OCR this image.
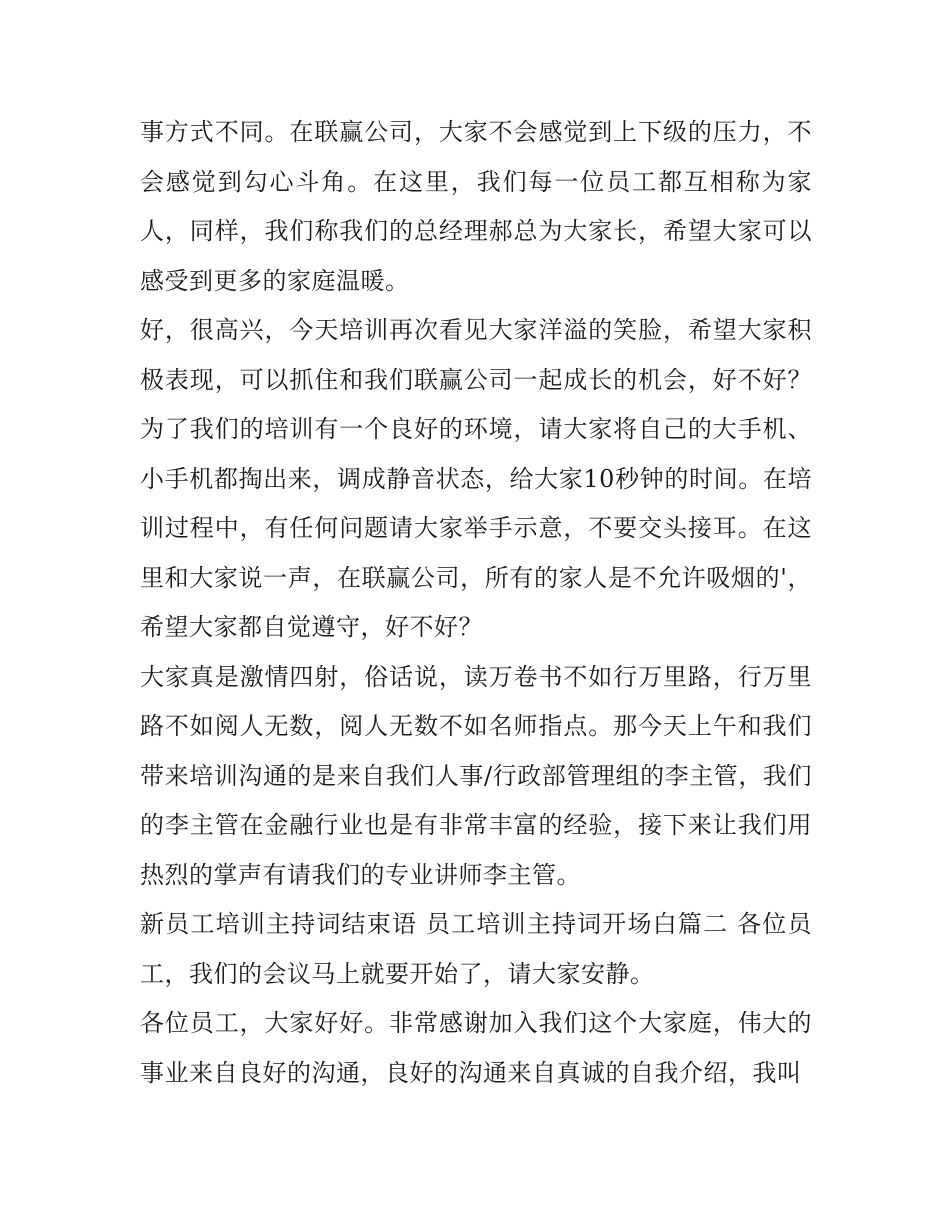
事方式不同。在联赢公司，大家不会感觉到上下级的压力，不会感觉到勾心斗角。在这里，我们每一位员工都互相称为家人，同样，我们称我们的总经理郝总为大家长，希望大家可以感受到更多的家庭温暖。

好，很高兴，今天培训再次看见大家洋溢的笑脸，希望大家积极表现，可以抓住和我们联赢公司一起成长的机会，好不好？为了我们的培训有一个良好的环境，请大家将自己的大手机、小手机都掏出来，调成静音状态，给大家10秒钟的时间。在培训过程中，有任何问题请大家举手示意，不要交头接耳。在这里和大家说一声，在联赢公司，所有的家人是不允许吸烟的'，希望大家都自觉遵守，好不好？

大家真是激情四射，俗话说，读万卷书不如行万里路，行万里路不如阅人无数，阅人无数不如名师指点。那今天上午和我们带来培训沟通的是来自我们人事/行政部管理组的李主管，我们的李主管在金融行业也是有非常丰富的经验，接下来让我们用热烈的掌声有请我们的专业讲师李主管。

新员工培训主持词结束语 员工培训主持词开场白篇二 各位员工，我们的会议马上就要开始了，请大家安静。

各位员工，大家好好。非常感谢加入我们这个大家庭，伟大的事业来自良好的沟通，良好的沟通来自真诚的自我介绍，我叫
